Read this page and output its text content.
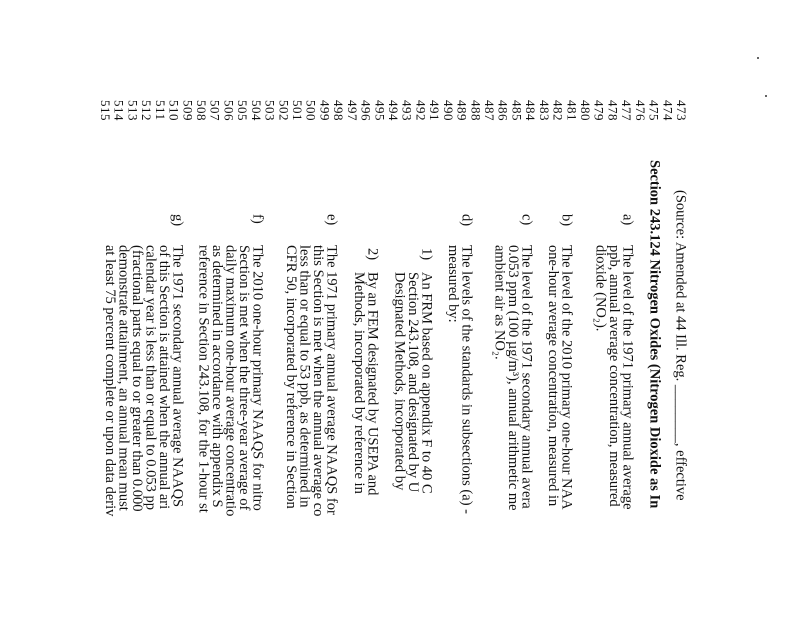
473
474
475
476
477
478
479
480
481
482
483
484
485
486
487
488
489
490
491
492
493
494
495
496
497
498
499
500
501
502
503
504
505
506
507
508
509
510
511
512
513
514
515
(Source: Amended at 44 Ill. Reg. ________, effective
Section 243.124 Nitrogen Oxides (Nitrogen Dioxide as In
a)
The level of the 1971 primary annual average
ppb, annual average concentration, measured
dioxide (NO₂).
b)
The level of the 2010 primary one-hour NAA
one-hour average concentration, measured in
c)
The level of the 1971 secondary annual avera
0.053 ppm (100 µg/m³), annual arithmetic me
ambient air as NO₂.
d)
The levels of the standards in subsections (a) -
measured by:
1)
An FRM based on appendix F to 40 C
Section 243.108, and designated by U
Designated Methods, incorporated by
2)
By an FEM designated by USEPA and
Methods, incorporated by reference in
e)
The 1971 primary annual average NAAQS for
this Section is met when the annual average co
less than or equal to 53 ppb, as determined in
CFR 50, incorporated by reference in Section
f)
The 2010 one-hour primary NAAQS for nitro
Section is met when the three-year average of
daily maximum one-hour average concentratio
as determined in accordance with appendix S
reference in Section 243.108, for the 1-hour st
g)
The 1971 secondary annual average NAAQS
of this Section is attained when the annual ari
calendar year is less than or equal to 0.053 pp
(fractional parts equal to or greater than 0.000
demonstrate attainment, an annual mean must
at least 75 percent complete or upon data deriv
